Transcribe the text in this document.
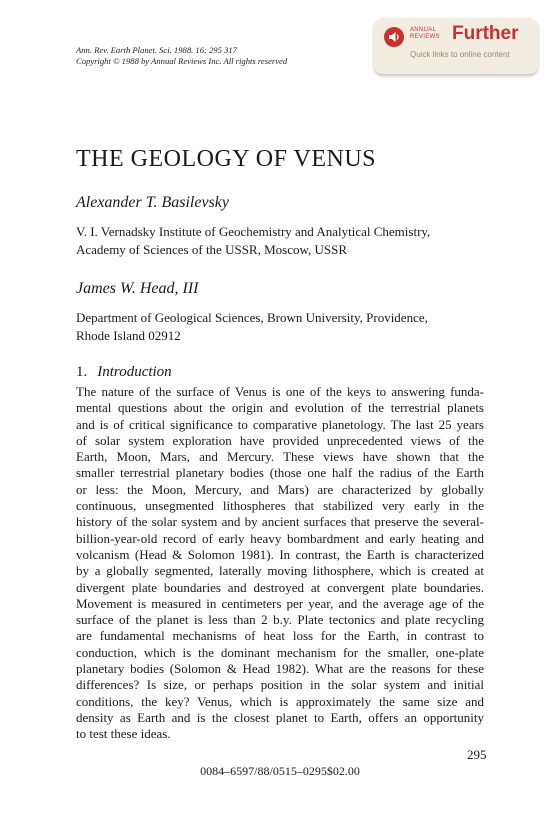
Ann. Rev. Earth Planet. Sci. 1988. 16: 295 317
Copyright © 1988 by Annual Reviews Inc. All rights reserved
ANNUAL
REVIEWS Further
Quick links to online content
THE GEOLOGY OF VENUS
Alexander T. Basilevsky
V. I. Vernadsky Institute of Geochemistry and Analytical Chemistry,
Academy of Sciences of the USSR, Moscow, USSR
James W. Head, III
Department of Geological Sciences, Brown University, Providence,
Rhode Island 02912
1. Introduction
The nature of the surface of Venus is one of the keys to answering funda-
mental questions about the origin and evolution of the terrestrial planets
and is of critical significance to comparative planetology. The last 25 years
of solar system exploration have provided unprecedented views of the
Earth, Moon, Mars, and Mercury. These views have shown that the
smaller terrestrial planetary bodies (those one half the radius of the Earth
or less: the Moon, Mercury, and Mars) are characterized by globally
continuous, unsegmented lithospheres that stabilized very early in the
history of the solar system and by ancient surfaces that preserve the several-
billion-year-old record of early heavy bombardment and early heating and
volcanism (Head & Solomon 1981). In contrast, the Earth is characterized
by a globally segmented, laterally moving lithosphere, which is created at
divergent plate boundaries and destroyed at convergent plate boundaries.
Movement is measured in centimeters per year, and the average age of the
surface of the planet is less than 2 b.y. Plate tectonics and plate recycling
are fundamental mechanisms of heat loss for the Earth, in contrast to
conduction, which is the dominant mechanism for the smaller, one-plate
planetary bodies (Solomon & Head 1982). What are the reasons for these
differences? Is size, or perhaps position in the solar system and initial
conditions, the key? Venus, which is approximately the same size and
density as Earth and is the closest planet to Earth, offers an opportunity
to test these ideas.
295
0084–6597/88/0515–0295$02.00
